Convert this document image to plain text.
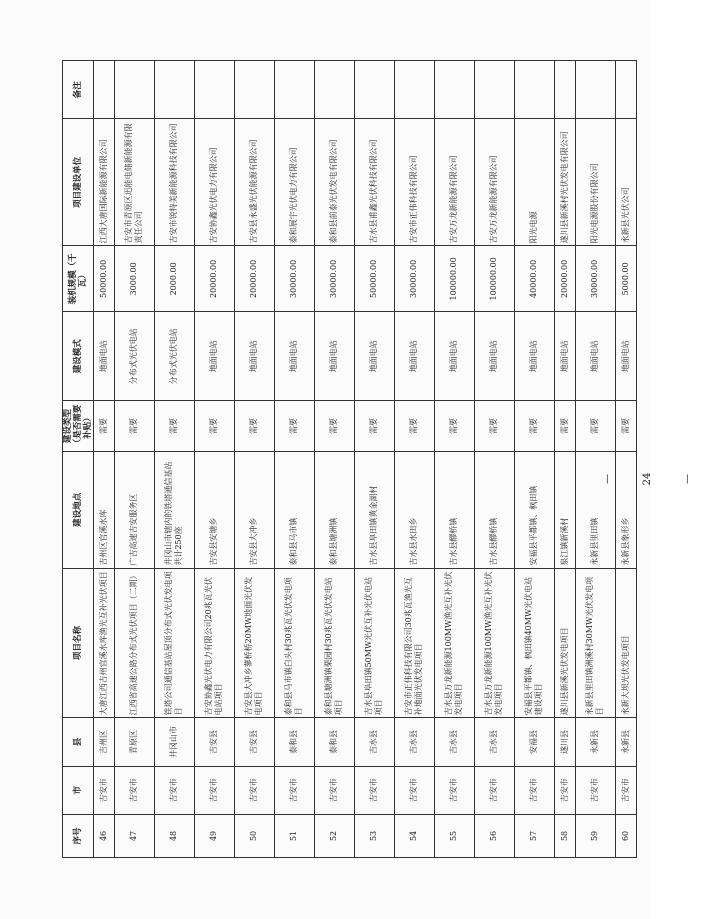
序号	市	县	项目名称	建设地点	建设类型（是否需要补贴）	建设模式	装机规模（千瓦）	项目建设单位	备注
46	吉安市	吉州区	大唐江西吉州官溪水库渔光互补光伏项目	吉州区官溪水库	需要	地面电站	50000.00	江西大唐国际新能源有限公司	
47	吉安市	青原区	江西省高速公路分布式光伏项目（二期）	广吉高速吉安服务区	需要	分布式光伏电站	3000.00	吉安市青原区迅能电储新能源有限责任公司	
48	吉安市	井冈山市	铁塔公司通信基站屋顶分布式光伏发电项目	井冈山市辖内的铁塔通信基站共计250座	需要	分布式光伏电站	2000.00	吉安市锐特美新能源科技有限公司	
49	吉安市	吉安县	吉安协鑫光伏电力有限公司20兆瓦光伏电站项目	吉安县安塘乡	需要	地面电站	20000.00	吉安协鑫光伏电力有限公司	
50	吉安市	吉安县	吉安县大冲乡蓼桥桥20MW地面光伏发电项目	吉安县大冲乡	需要	地面电站	20000.00	吉安县永盛光伏能源有限公司	
51	吉安市	泰和县	泰和县马市镇白头村30兆瓦光伏发电项目	泰和县马市镇	需要	地面电站	30000.00	泰和展宇光伏电力有限公司	
52	吉安市	泰和县	泰和县塘洲镇栗园村30兆瓦光伏发电站项目	泰和县塘洲镇	需要	地面电站	30000.00	泰和县前泰光伏发电有限公司	
53	吉安市	吉水县	吉水县阜田镇50MW光伏互补光伏电站项目	吉水县阜田镇黄金湖村	需要	地面电站	50000.00	吉水县甫鑫光伏科技有限公司	
54	吉安市	吉水县	吉安市正伟科技有限公司30兆瓦渔光互补地面光伏发电项目	吉水县水田乡	需要	地面电站	30000.00	吉安市正伟科技有限公司	
55	吉安市	吉水县	吉水县万龙新能源100MW渔光互补光伏发电项目	吉水县醪桥镇	需要	地面电站	100000.00	吉安万龙新能源有限公司	
56	吉安市	吉水县	吉水县万龙新能源100MW渔光互补光伏发电项目	吉水县醪桥镇	需要	地面电站	100000.00	吉安万龙新能源有限公司	
57	吉安市	安福县	安福县平都镇、枫田镇40MW光伏电站建设项目	安福县平都镇、枫田镇	需要	地面电站	40000.00	阳光电源	
58	吉安市	遂川县	遂川县新溪光伏发电项目	泉江镇新溪村	需要	地面电站	20000.00	遂川县新溪村光伏发电有限公司	
59	吉安市	永新县	永新县里田镇洲溪村30MW光伏发电项目	永新县里田镇	需要	地面电站	30000.00	阳光电源股份有限公司	
60	吉安市	永新县	永新大坝光伏发电项目	永新县象形乡	需要	地面电站	5000.00	永新县光伏公司	
— 24 —
